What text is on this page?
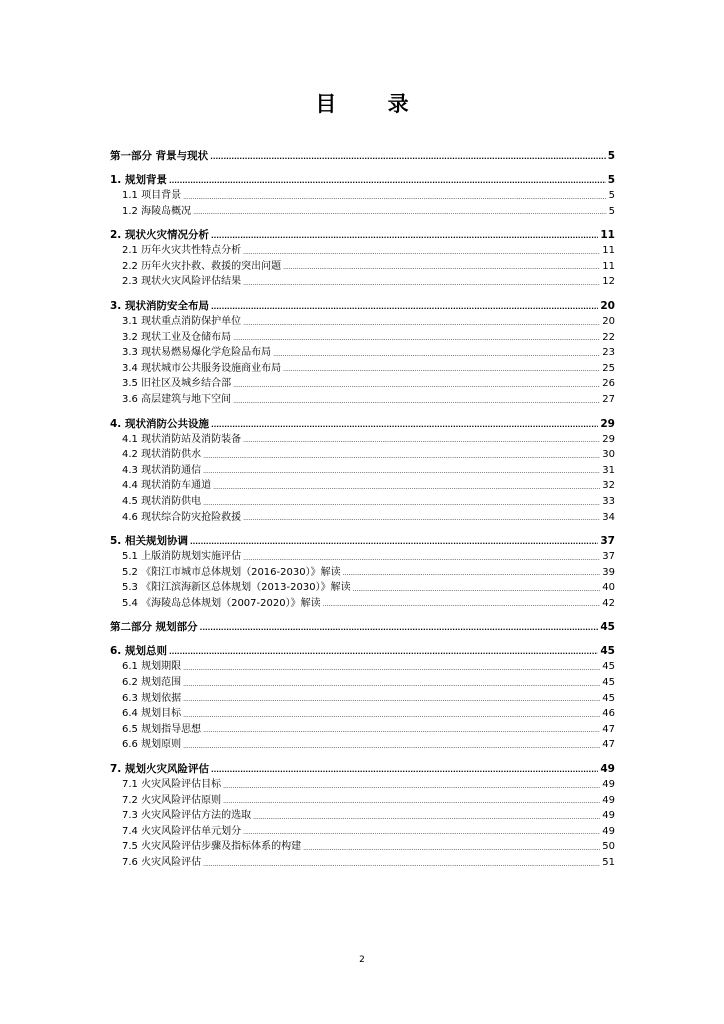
目 录
第一部分 背景与现状 .....	5
1. 规划背景 .....	5
1.1 项目背景 .....	5
1.2 海陵岛概况 .....	5
2. 现状火灾情况分析 .....	11
2.1 历年火灾共性特点分析 .....	11
2.2 历年火灾扑救、救援的突出问题 .....	11
2.3 现状火灾风险评估结果 .....	12
3. 现状消防安全布局 .....	20
3.1 现状重点消防保护单位 .....	20
3.2 现状工业及仓储布局 .....	22
3.3 现状易燃易爆化学危险品布局 .....	23
3.4 现状城市公共服务设施商业布局 .....	25
3.5 旧社区及城乡结合部 .....	26
3.6 高层建筑与地下空间 .....	27
4. 现状消防公共设施 .....	29
4.1 现状消防站及消防装备 .....	29
4.2 现状消防供水 .....	30
4.3 现状消防通信 .....	31
4.4 现状消防车通道 .....	32
4.5 现状消防供电 .....	33
4.6 现状综合防灾抢险救援 .....	34
5. 相关规划协调 .....	37
5.1 上版消防规划实施评估 .....	37
5.2 《阳江市城市总体规划（2016-2030）》解读 .....	39
5.3 《阳江滨海新区总体规划（2013-2030）》解读 .....	40
5.4 《海陵岛总体规划（2007-2020）》解读 .....	42
第二部分 规划部分 .....	45
6. 规划总则 .....	45
6.1 规划期限 .....	45
6.2 规划范围 .....	45
6.3 规划依据 .....	45
6.4 规划目标 .....	46
6.5 规划指导思想 .....	47
6.6 规划原则 .....	47
7. 规划火灾风险评估 .....	49
7.1 火灾风险评估目标 .....	49
7.2 火灾风险评估原则 .....	49
7.3 火灾风险评估方法的选取 .....	49
7.4 火灾风险评估单元划分 .....	49
7.5 火灾风险评估步骤及指标体系的构建 .....	50
7.6 火灾风险评估 .....	51
2
